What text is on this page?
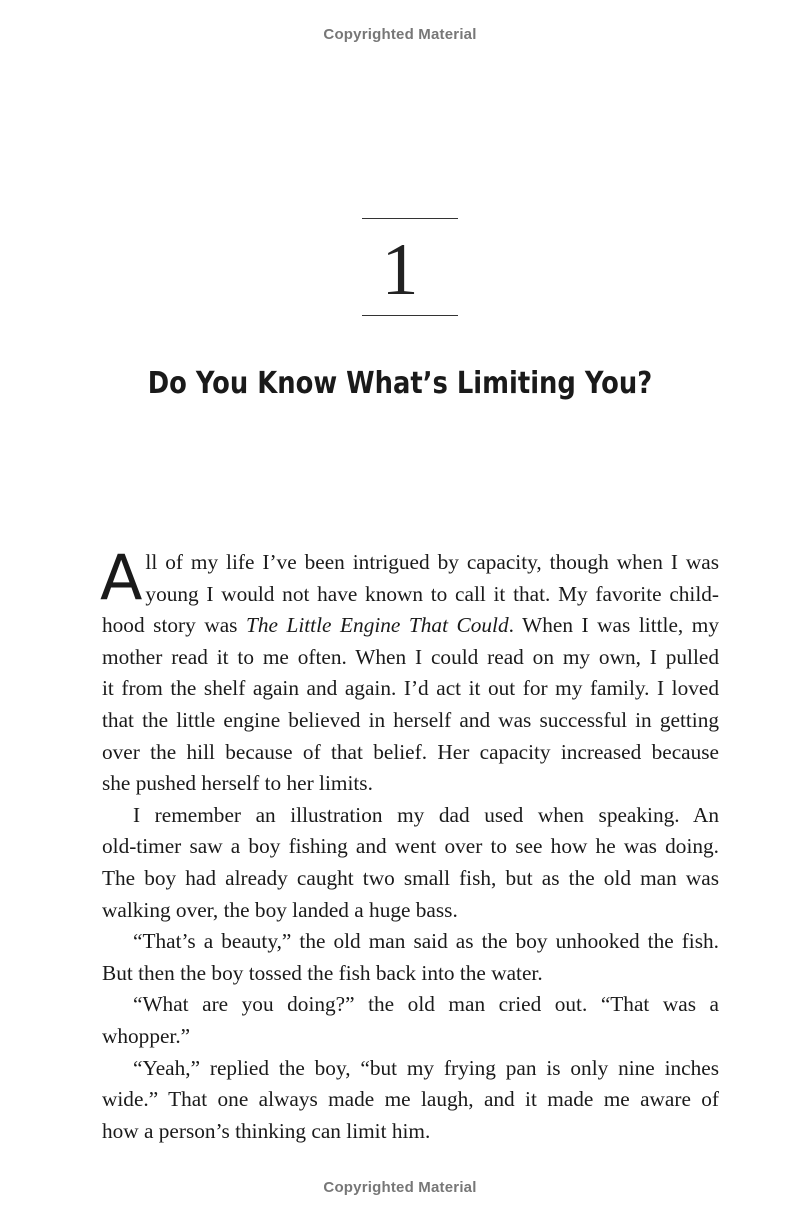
Copyrighted Material
1
Do You Know What’s Limiting You?

A ll of my life I’ve been intrigued by capacity, though when I was
young I would not have known to call it that. My favorite child-
hood story was The Little Engine That Could. When I was little, my
mother read it to me often. When I could read on my own, I pulled
it from the shelf again and again. I’d act it out for my family. I loved
that the little engine believed in herself and was successful in getting
over the hill because of that belief. Her capacity increased because
she pushed herself to her limits.

I remember an illustration my dad used when speaking. An

old-timer saw a boy fishing and went over to see how he was doing.
The boy had already caught two small fish, but as the old man was
walking over, the boy landed a huge bass.

“That’s a beauty,” the old man said as the boy unhooked the fish.

But then the boy tossed the fish back into the water.

“What are you doing?” the old man cried out. “That was a

whopper.”

“Yeah,” replied the boy, “but my frying pan is only nine inches

wide.” That one always made me laugh, and it made me aware of
how a person’s thinking can limit him.

Copyrighted Material
